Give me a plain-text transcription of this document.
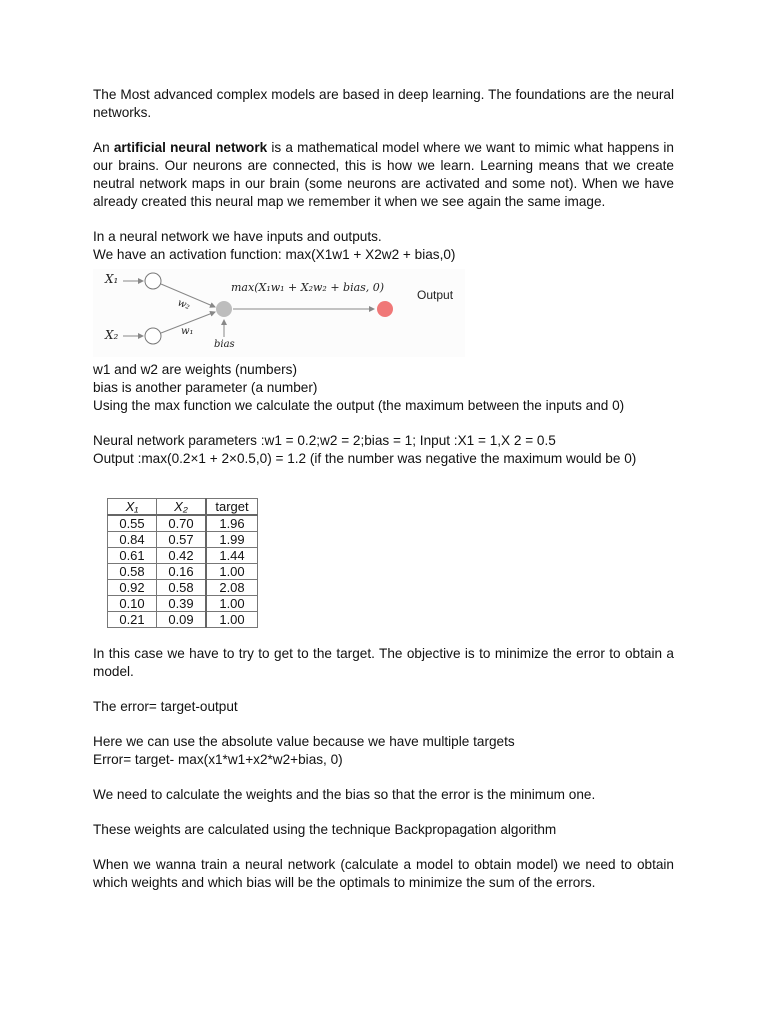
The Most advanced complex models are based in deep learning. The foundations are the neural networks.

An artificial neural network is a mathematical model where we want to mimic what happens in our brains. Our neurons are connected, this is how we learn. Learning means that we create neutral network maps in our brain (some neurons are activated and some not). When we have already created this neural map we remember it when we see again the same image.

In a neural network we have inputs and outputs.

We have an activation function: max(X1w1 + X2w2 + bias,0)

X₁
X₂
w₂
w₁
bias
max(X₁w₁ + X₂w₂ + bias, 0)
Output

w1 and w2 are weights (numbers)

bias is another parameter (a number)

Using the max function we calculate the output (the maximum between the inputs and 0)

Neural network parameters :w1 = 0.2;w2 = 2;bias = 1; Input :X1 = 1,X 2 = 0.5

Output :max(0.2×1 + 2×0.5,0) = 1.2 (if the number was negative the maximum would be 0)

X₁	X₂	target
0.55	0.70	1.96
0.84	0.57	1.99
0.61	0.42	1.44
0.58	0.16	1.00
0.92	0.58	2.08
0.10	0.39	1.00
0.21	0.09	1.00

In this case we have to try to get to the target. The objective is to minimize the error to obtain a model.

The error= target-output

Here we can use the absolute value because we have multiple targets

Error= target- max(x1*w1+x2*w2+bias, 0)

We need to calculate the weights and the bias so that the error is the minimum one.

These weights are calculated using the technique Backpropagation algorithm

When we wanna train a neural network (calculate a model to obtain model) we need to obtain which weights and which bias will be the optimals to minimize the sum of the errors.
